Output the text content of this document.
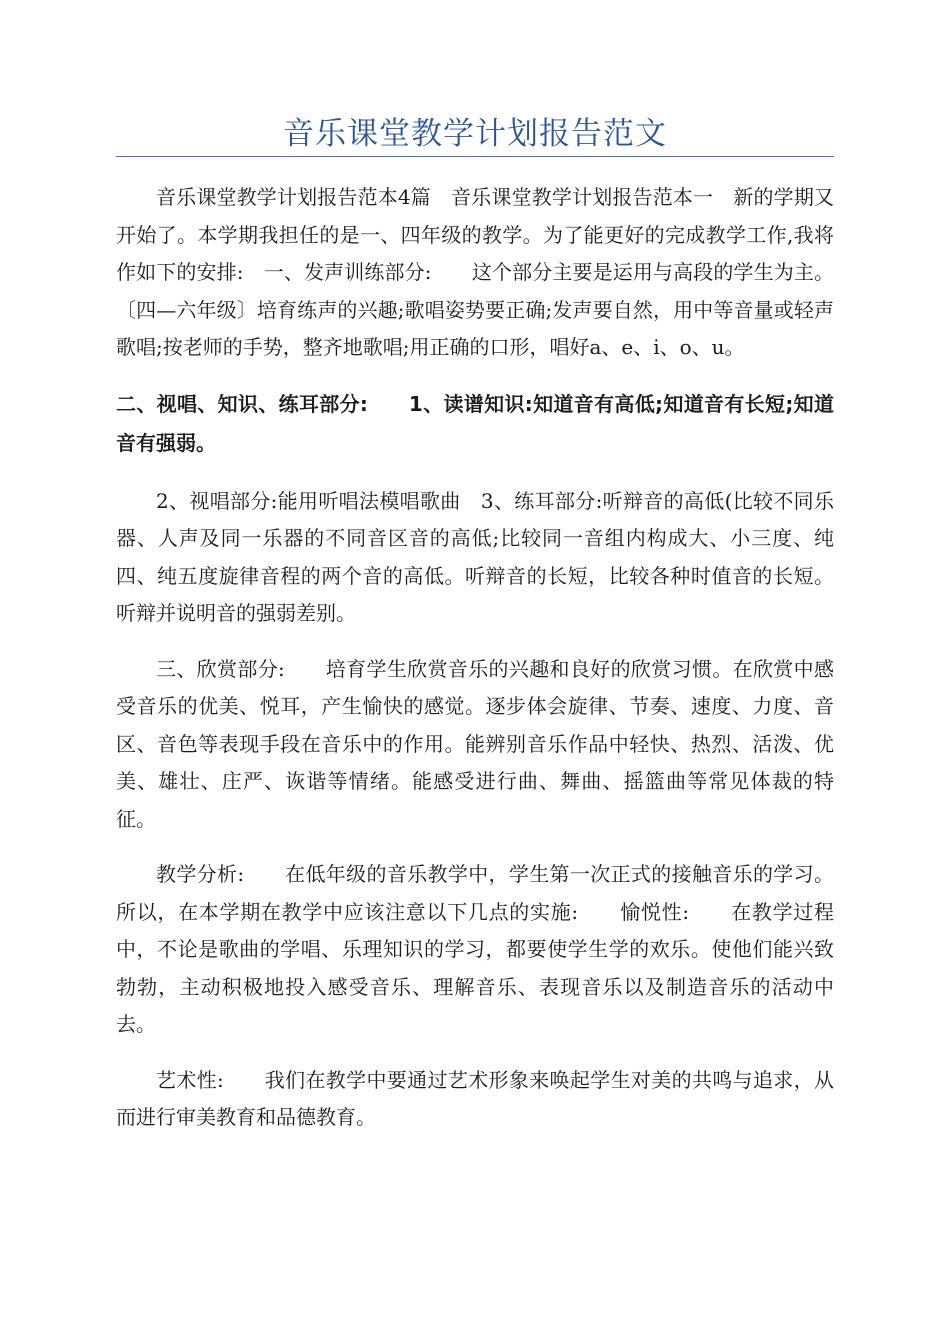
音乐课堂教学计划报告范文

音乐课堂教学计划报告范本4篇　音乐课堂教学计划报告范本一　新的学期又开始了。本学期我担任的是一、四年级的教学。为了能更好的完成教学工作,我将作如下的安排:　一、发声训练部分:　　这个部分主要是运用与高段的学生为主。〔四—六年级〕培育练声的兴趣;歌唱姿势要正确;发声要自然，用中等音量或轻声歌唱;按老师的手势，整齐地歌唱;用正确的口形，唱好a、e、i、o、u。

二、视唱、知识、练耳部分:　　1、读谱知识:知道音有高低;知道音有长短;知道音有强弱。

2、视唱部分:能用听唱法模唱歌曲　3、练耳部分:听辩音的高低(比较不同乐器、人声及同一乐器的不同音区音的高低;比较同一音组内构成大、小三度、纯四、纯五度旋律音程的两个音的高低。听辩音的长短，比较各种时值音的长短。听辩并说明音的强弱差别。

三、欣赏部分:　　培育学生欣赏音乐的兴趣和良好的欣赏习惯。在欣赏中感受音乐的优美、悦耳，产生愉快的感觉。逐步体会旋律、节奏、速度、力度、音区、音色等表现手段在音乐中的作用。能辨别音乐作品中轻快、热烈、活泼、优美、雄壮、庄严、诙谐等情绪。能感受进行曲、舞曲、摇篮曲等常见体裁的特征。

教学分析:　　在低年级的音乐教学中，学生第一次正式的接触音乐的学习。所以，在本学期在教学中应该注意以下几点的实施:　　愉悦性:　　在教学过程中，不论是歌曲的学唱、乐理知识的学习，都要使学生学的欢乐。使他们能兴致勃勃，主动积极地投入感受音乐、理解音乐、表现音乐以及制造音乐的活动中去。

艺术性:　　我们在教学中要通过艺术形象来唤起学生对美的共鸣与追求，从而进行审美教育和品德教育。
